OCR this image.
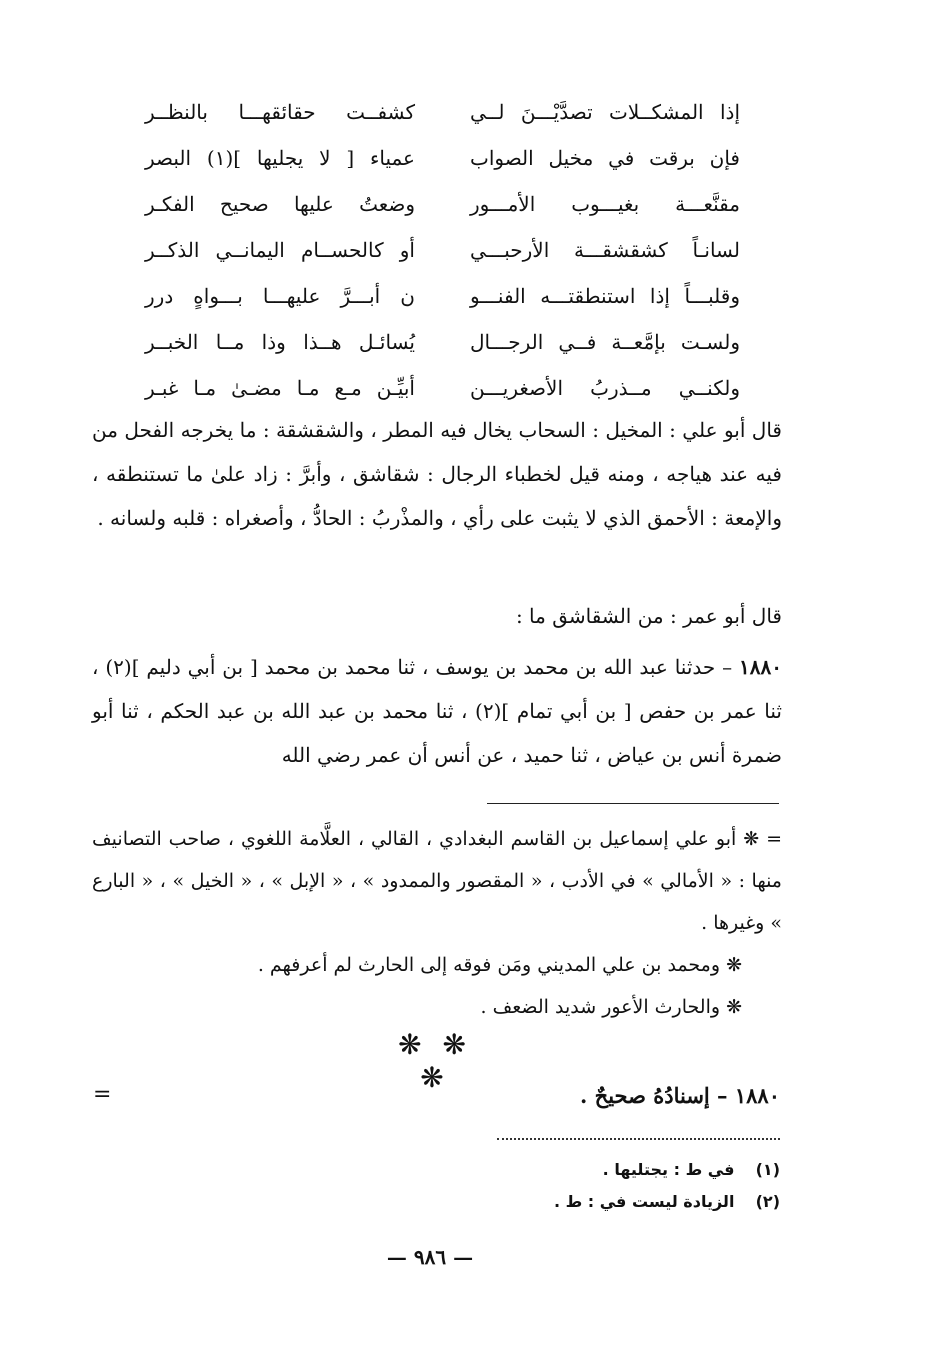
إذا المشكــلات تصدَّيْـــنَ لــي
كشفــت حقائقهـــا بالنظــر
فإن برقت في مخيل الصواب
عمياء [ لا يجليها ](١) البصر
مقنَّعـــة بغيـــوب الأمـــور
وضعتُ عليها صحيح الفكـر
لسانـاً كشقشقـــة الأرحبـــي
أو كالحســام اليمانــي الذكــر
وقلبـــاً إذا استنطقتـــه الفنـــو
ن أبـــرَّ عليهـــا بـــواهٍ درر
ولسـت بإمَّعــة فــي الرجـــال
يُسائـل هــذا وذا مــا الخبــر
ولكنــي مــذربُ الأصغريـــن
أبيِّـن مـع مـا مضـىٰ مـا غبـر
قال أبو علي : المخيل : السحاب يخال فيه المطر ، والشقشقة : ما يخرجه الفحل من فيه عند هياجه ، ومنه قيل لخطباء الرجال : شقاشق ، وأبرَّ : زاد علىٰ ما تستنطقه ، والإمعة : الأحمق الذي لا يثبت على رأي ، والمذْربُ : الحادُّ ، وأصغراه : قلبه ولسانه .
قال أبو عمر : من الشقاشق ما :
١٨٨٠ – حدثنا عبد الله بن محمد بن يوسف ، ثنا محمد بن محمد [ بن أبي دليم ](٢) ، ثنا عمر بن حفص [ بن أبي تمام ](٢) ، ثنا محمد بن عبد الله بن عبد الحكم ، ثنا أبو ضمرة أنس بن عياض ، ثنا حميد ، عن أنس أن عمر رضي الله
= ❋ أبو علي إسماعيل بن القاسم البغدادي ، القالي ، العلَّامة اللغوي ، صاحب التصانيف منها : « الأمالي » في الأدب ، « المقصور والممدود » ، « الإبل » ، « الخيل » ، « البارع » وغيرها .
❋ ومحمد بن علي المديني ومَن فوقه إلى الحارث لم أعرفهم .
❋ والحارث الأعور شديد الضعف .
❋ ❋ ❋
١٨٨٠ – إسنادُهُ صحيحٌ .
=
(١) في ط : يجتليها .
(٢) الزيادة ليست في : ط .
— ٩٨٦ —
